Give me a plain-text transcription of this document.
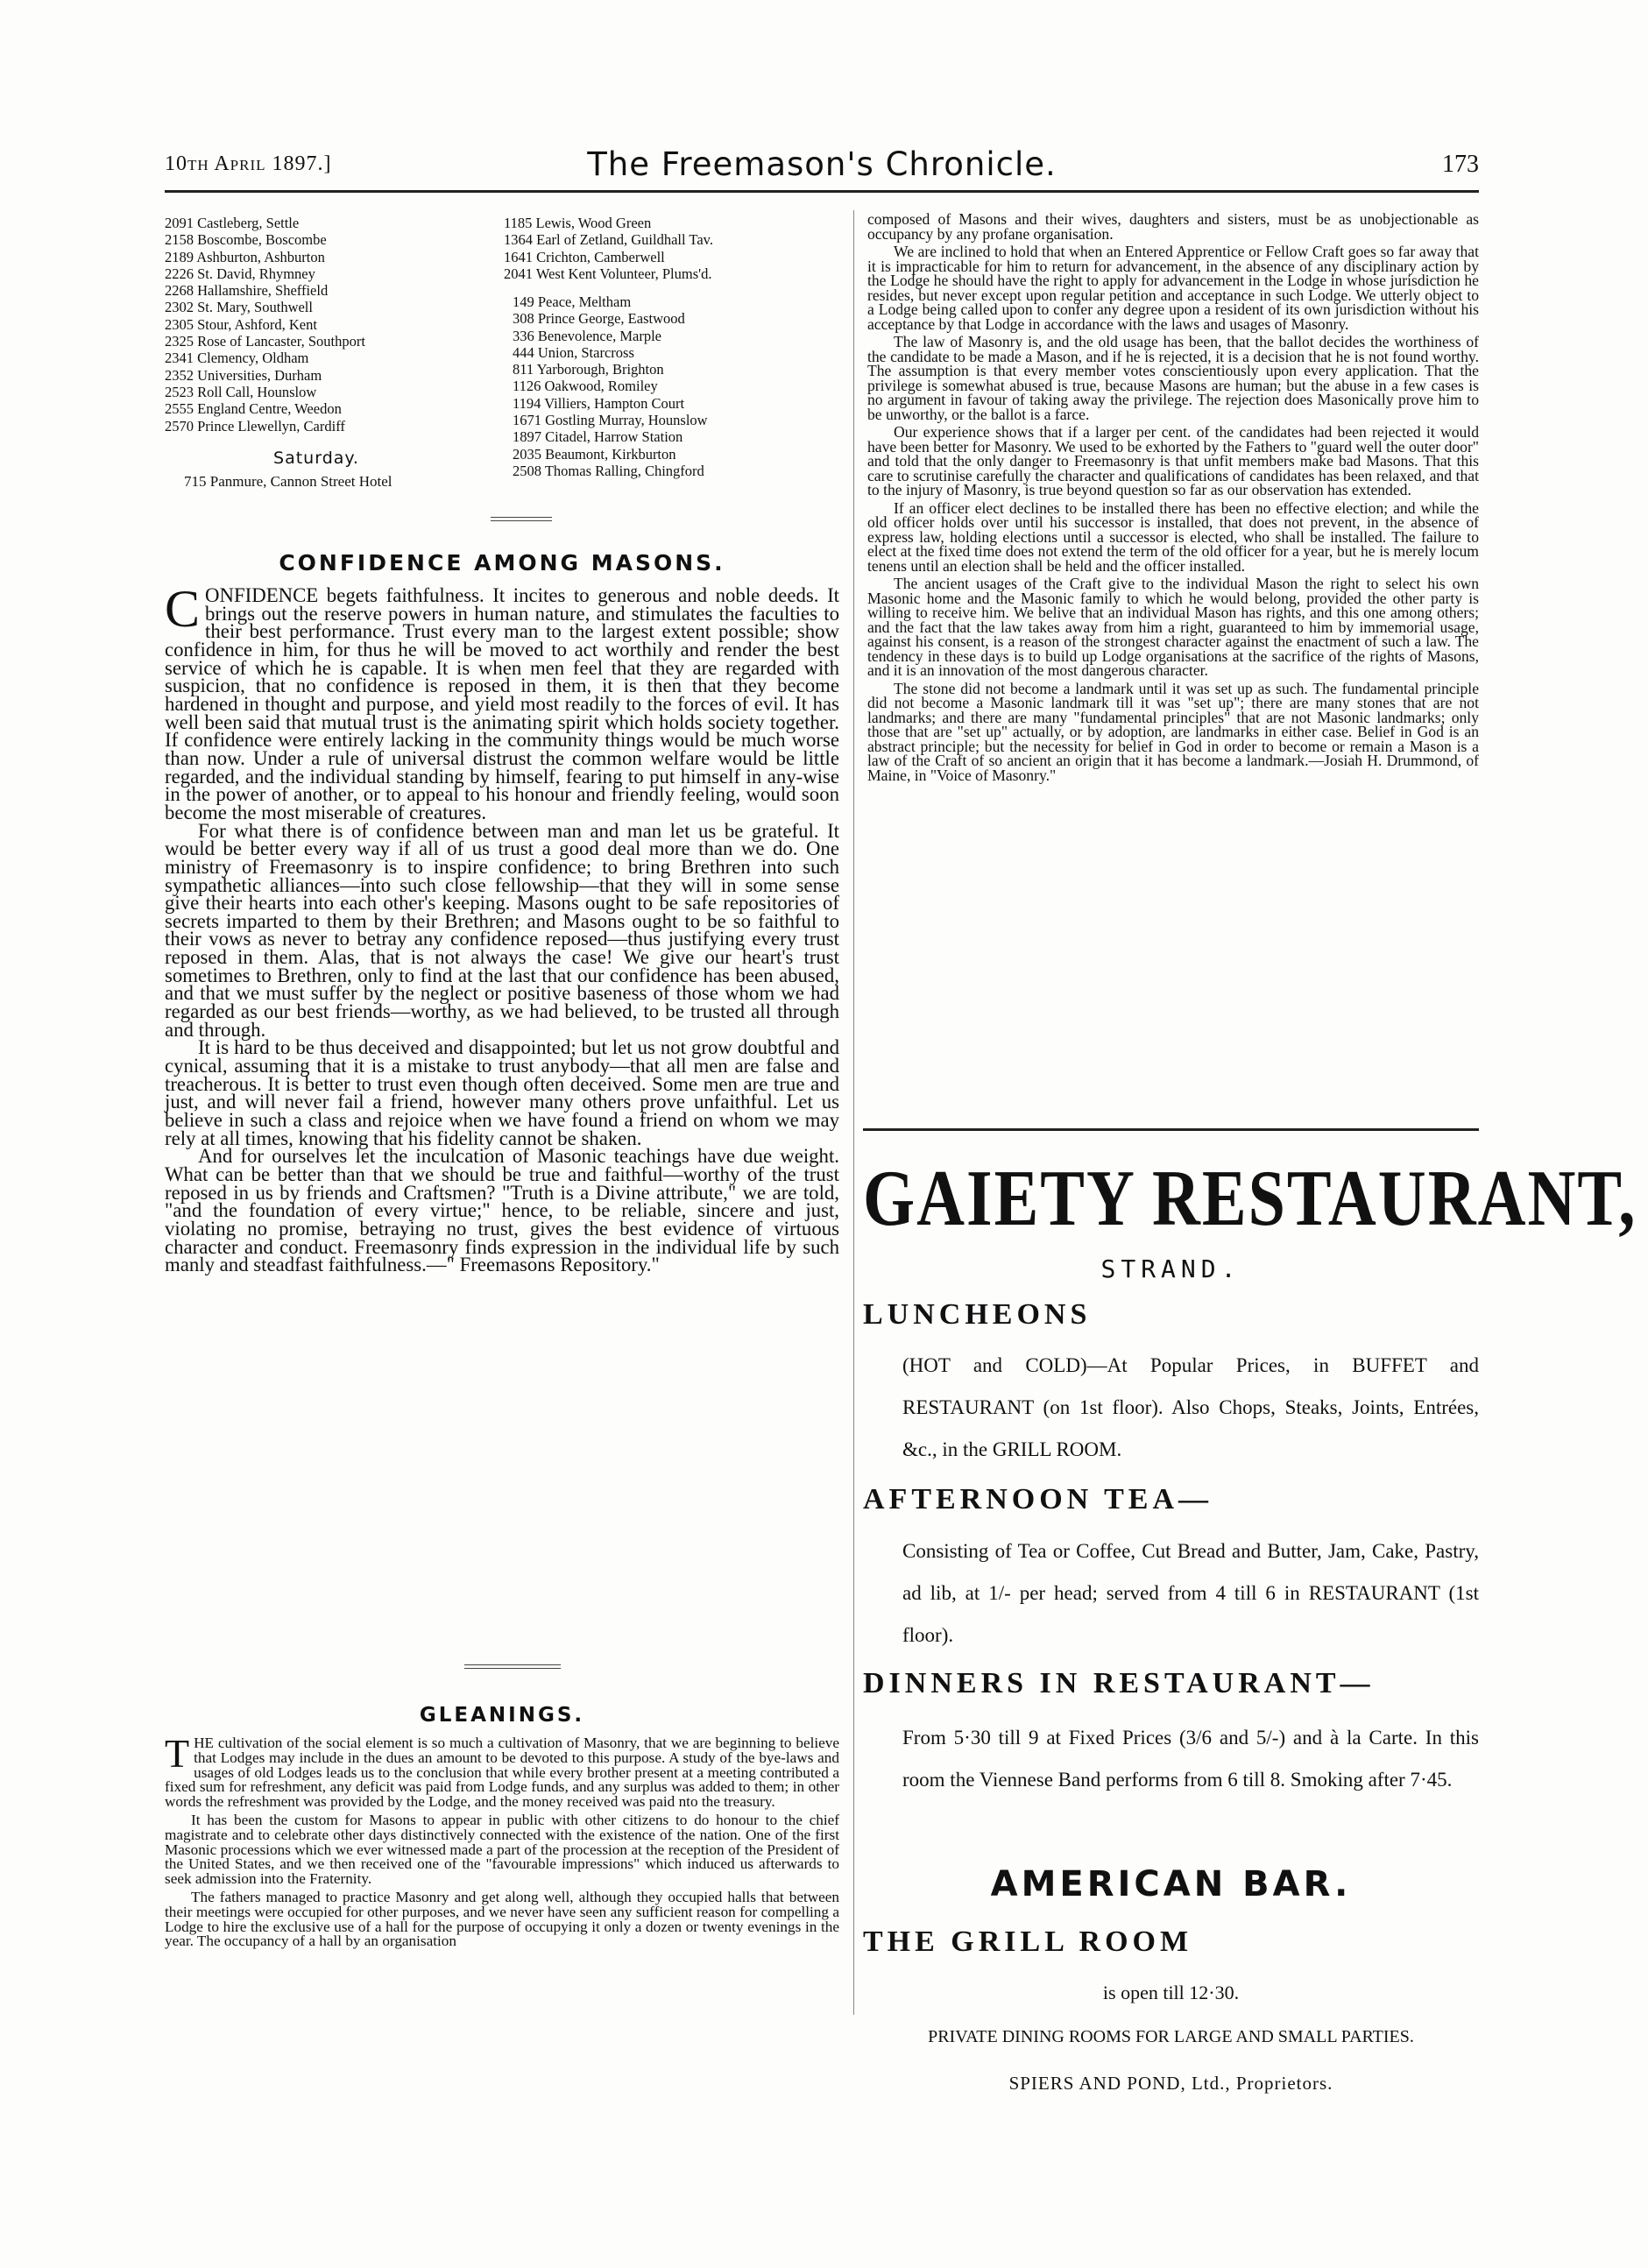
10th April 1897.]	The Freemason's Chronicle.	173
2091 Castleberg, Settle
2158 Boscombe, Boscombe
2189 Ashburton, Ashburton
2226 St. David, Rhymney
2268 Hallamshire, Sheffield
2302 St. Mary, Southwell
2305 Stour, Ashford, Kent
2325 Rose of Lancaster, Southport
2341 Clemency, Oldham
2352 Universities, Durham
2523 Roll Call, Hounslow
2555 England Centre, Weedon
2570 Prince Llewellyn, Cardiff
Saturday.
715 Panmure, Cannon Street Hotel
1185 Lewis, Wood Green
1364 Earl of Zetland, Guildhall Tav.
1641 Crichton, Camberwell
2041 West Kent Volunteer, Plums'd.
149 Peace, Meltham
308 Prince George, Eastwood
336 Benevolence, Marple
444 Union, Starcross
811 Yarborough, Brighton
1126 Oakwood, Romiley
1194 Villiers, Hampton Court
1671 Gostling Murray, Hounslow
1897 Citadel, Harrow Station
2035 Beaumont, Kirkburton
2508 Thomas Ralling, Chingford
CONFIDENCE AMONG MASONS.

CONFIDENCE begets faithfulness. It incites to generous and noble deeds. It brings out the reserve powers in human nature, and stimulates the faculties to their best performance. Trust every man to the largest extent possible; show confidence in him, for thus he will be moved to act worthily and render the best service of which he is capable. It is when men feel that they are regarded with suspicion, that no confidence is reposed in them, it is then that they become hardened in thought and purpose, and yield most readily to the forces of evil. It has well been said that mutual trust is the animating spirit which holds society together. If confidence were entirely lacking in the community things would be much worse than now. Under a rule of universal distrust the common welfare would be little regarded, and the individual standing by himself, fearing to put himself in any-wise in the power of another, or to appeal to his honour and friendly feeling, would soon become the most miserable of creatures.

For what there is of confidence between man and man let us be grateful. It would be better every way if all of us trust a good deal more than we do. One ministry of Freemasonry is to inspire confidence; to bring Brethren into such sympathetic alliances—into such close fellowship—that they will in some sense give their hearts into each other's keeping. Masons ought to be safe repositories of secrets imparted to them by their Brethren; and Masons ought to be so faithful to their vows as never to betray any confidence reposed—thus justifying every trust reposed in them. Alas, that is not always the case! We give our heart's trust sometimes to Brethren, only to find at the last that our confidence has been abused, and that we must suffer by the neglect or positive baseness of those whom we had regarded as our best friends—worthy, as we had believed, to be trusted all through and through.

It is hard to be thus deceived and disappointed; but let us not grow doubtful and cynical, assuming that it is a mistake to trust anybody—that all men are false and treacherous. It is better to trust even though often deceived. Some men are true and just, and will never fail a friend, however many others prove unfaithful. Let us believe in such a class and rejoice when we have found a friend on whom we may rely at all times, knowing that his fidelity cannot be shaken.

And for ourselves let the inculcation of Masonic teachings have due weight. What can be better than that we should be true and faithful—worthy of the trust reposed in us by friends and Craftsmen? "Truth is a Divine attribute," we are told, "and the foundation of every virtue;" hence, to be reliable, sincere and just, violating no promise, betraying no trust, gives the best evidence of virtuous character and conduct. Freemasonry finds expression in the individual life by such manly and steadfast faithfulness.—" Freemasons Repository."

GLEANINGS.

THE cultivation of the social element is so much a cultivation of Masonry, that we are beginning to believe that Lodges may include in the dues an amount to be devoted to this purpose. A study of the bye-laws and usages of old Lodges leads us to the conclusion that while every brother present at a meeting contributed a fixed sum for refreshment, any deficit was paid from Lodge funds, and any surplus was added to them; in other words the refreshment was provided by the Lodge, and the money received was paid nto the treasury.

It has been the custom for Masons to appear in public with other citizens to do honour to the chief magistrate and to celebrate other days distinctively connected with the existence of the nation. One of the first Masonic processions which we ever witnessed made a part of the procession at the reception of the President of the United States, and we then received one of the "favourable impressions" which induced us afterwards to seek admission into the Fraternity.

The fathers managed to practice Masonry and get along well, although they occupied halls that between their meetings were occupied for other purposes, and we never have seen any sufficient reason for compelling a Lodge to hire the exclusive use of a hall for the purpose of occupying it only a dozen or twenty evenings in the year. The occupancy of a hall by an organisation

composed of Masons and their wives, daughters and sisters, must be as unobjectionable as occupancy by any profane organisation.

We are inclined to hold that when an Entered Apprentice or Fellow Craft goes so far away that it is impracticable for him to return for advancement, in the absence of any disciplinary action by the Lodge he should have the right to apply for advancement in the Lodge in whose jurisdiction he resides, but never except upon regular petition and acceptance in such Lodge. We utterly object to a Lodge being called upon to confer any degree upon a resident of its own jurisdiction without his acceptance by that Lodge in accordance with the laws and usages of Masonry.

The law of Masonry is, and the old usage has been, that the ballot decides the worthiness of the candidate to be made a Mason, and if he is rejected, it is a decision that he is not found worthy. The assumption is that every member votes conscientiously upon every application. That the privilege is somewhat abused is true, because Masons are human; but the abuse in a few cases is no argument in favour of taking away the privilege. The rejection does Masonically prove him to be unworthy, or the ballot is a farce.

Our experience shows that if a larger per cent. of the candidates had been rejected it would have been better for Masonry. We used to be exhorted by the Fathers to "guard well the outer door" and told that the only danger to Freemasonry is that unfit members make bad Masons. That this care to scrutinise carefully the character and qualifications of candidates has been relaxed, and that to the injury of Masonry, is true beyond question so far as our observation has extended.

If an officer elect declines to be installed there has been no effective election; and while the old officer holds over until his successor is installed, that does not prevent, in the absence of express law, holding elections until a successor is elected, who shall be installed. The failure to elect at the fixed time does not extend the term of the old officer for a year, but he is merely locum tenens until an election shall be held and the officer installed.

The ancient usages of the Craft give to the individual Mason the right to select his own Masonic home and the Masonic family to which he would belong, provided the other party is willing to receive him. We belive that an individual Mason has rights, and this one among others; and the fact that the law takes away from him a right, guaranteed to him by immemorial usage, against his consent, is a reason of the strongest character against the enactment of such a law. The tendency in these days is to build up Lodge organisations at the sacrifice of the rights of Masons, and it is an innovation of the most dangerous character.

The stone did not become a landmark until it was set up as such. The fundamental principle did not become a Masonic landmark till it was "set up"; there are many stones that are not landmarks; and there are many "fundamental principles" that are not Masonic landmarks; only those that are "set up" actually, or by adoption, are landmarks in either case. Belief in God is an abstract principle; but the necessity for belief in God in order to become or remain a Mason is a law of the Craft of so ancient an origin that it has become a landmark.—Josiah H. Drummond, of Maine, in "Voice of Masonry."

GAIETY RESTAURANT,
STRAND.
LUNCHEONS
(HOT and COLD)—At Popular Prices, in BUFFET and RESTAURANT (on 1st floor). Also Chops, Steaks, Joints, Entrées, &c., in the GRILL ROOM.
AFTERNOON TEA—
Consisting of Tea or Coffee, Cut Bread and Butter, Jam, Cake, Pastry, ad lib, at 1/- per head; served from 4 till 6 in RESTAURANT (1st floor).
DINNERS IN RESTAURANT—
From 5·30 till 9 at Fixed Prices (3/6 and 5/-) and à la Carte. In this room the Viennese Band performs from 6 till 8. Smoking after 7·45.
AMERICAN BAR.
THE GRILL ROOM
is open till 12·30.
PRIVATE DINING ROOMS FOR LARGE AND SMALL PARTIES.
SPIERS AND POND, Ltd., Proprietors.
